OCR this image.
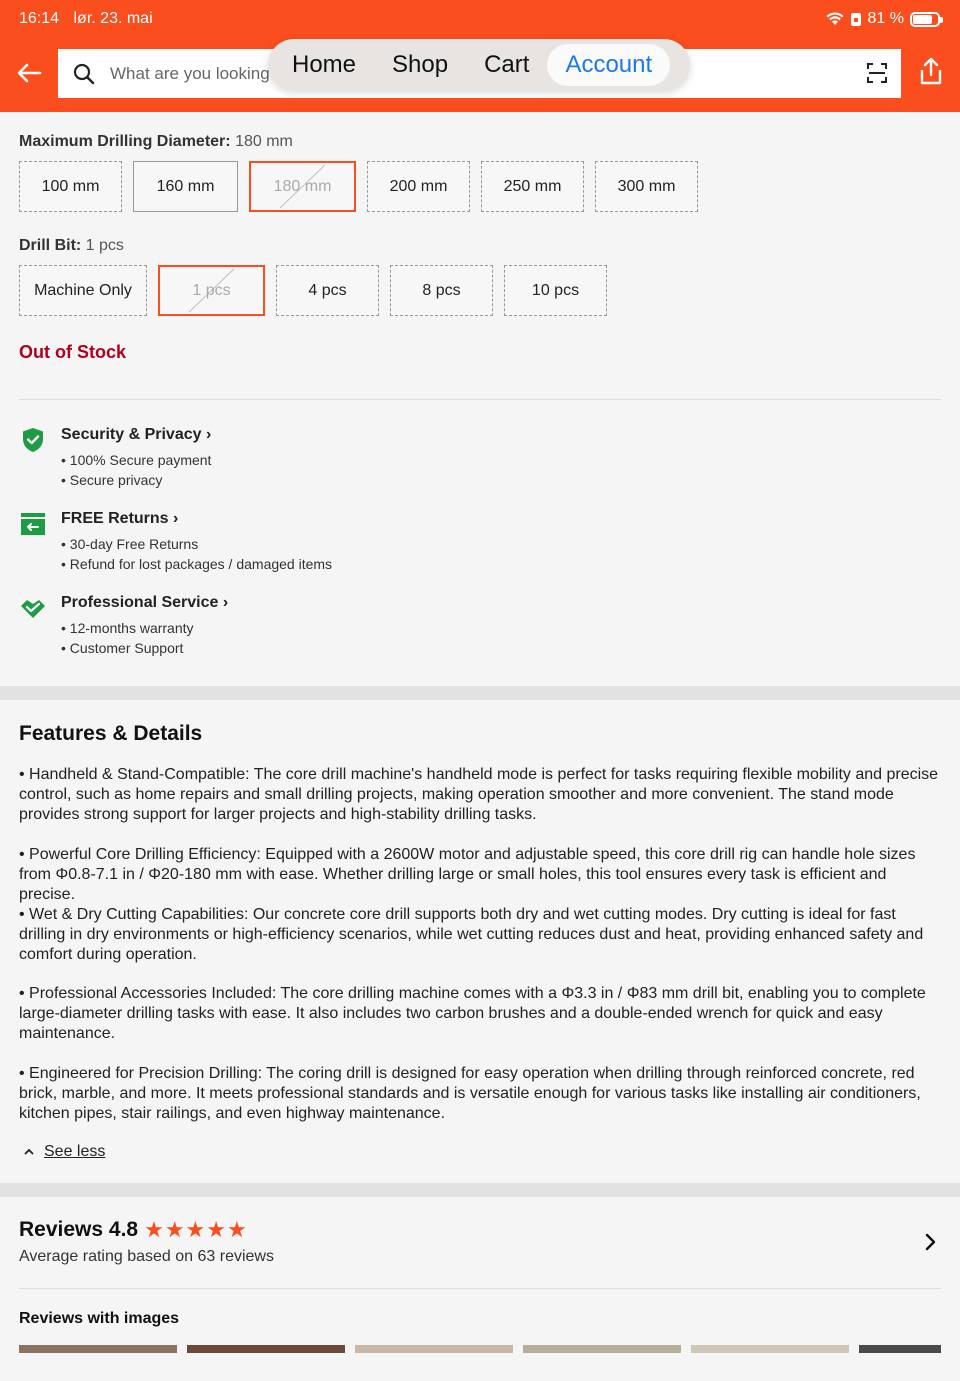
16:14 lør. 23. mai	81 %
What are you looking for?
Home	Shop	Cart	Account
Maximum Drilling Diameter: 180 mm
100 mm	160 mm	180 mm	200 mm	250 mm	300 mm
Drill Bit: 1 pcs
Machine Only	1 pcs	4 pcs	8 pcs	10 pcs
Out of Stock
Security & Privacy ›
• 100% Secure payment
• Secure privacy
FREE Returns ›
• 30-day Free Returns
• Refund for lost packages / damaged items
Professional Service ›
• 12-months warranty
• Customer Support
Features & Details
• Handheld & Stand-Compatible: The core drill machine's handheld mode is perfect for tasks requiring flexible mobility and precise control, such as home repairs and small drilling projects, making operation smoother and more convenient. The stand mode provides strong support for larger projects and high-stability drilling tasks.
• Powerful Core Drilling Efficiency: Equipped with a 2600W motor and adjustable speed, this core drill rig can handle hole sizes from Φ0.8-7.1 in / Φ20-180 mm with ease. Whether drilling large or small holes, this tool ensures every task is efficient and precise.
• Wet & Dry Cutting Capabilities: Our concrete core drill supports both dry and wet cutting modes. Dry cutting is ideal for fast drilling in dry environments or high-efficiency scenarios, while wet cutting reduces dust and heat, providing enhanced safety and comfort during operation.
• Professional Accessories Included: The core drilling machine comes with a Φ3.3 in / Φ83 mm drill bit, enabling you to complete large-diameter drilling tasks with ease. It also includes two carbon brushes and a double-ended wrench for quick and easy maintenance.
• Engineered for Precision Drilling: The coring drill is designed for easy operation when drilling through reinforced concrete, red brick, marble, and more. It meets professional standards and is versatile enough for various tasks like installing air conditioners, kitchen pipes, stair railings, and even highway maintenance.
See less
Reviews 4.8 ★★★★★
Average rating based on 63 reviews
Reviews with images
